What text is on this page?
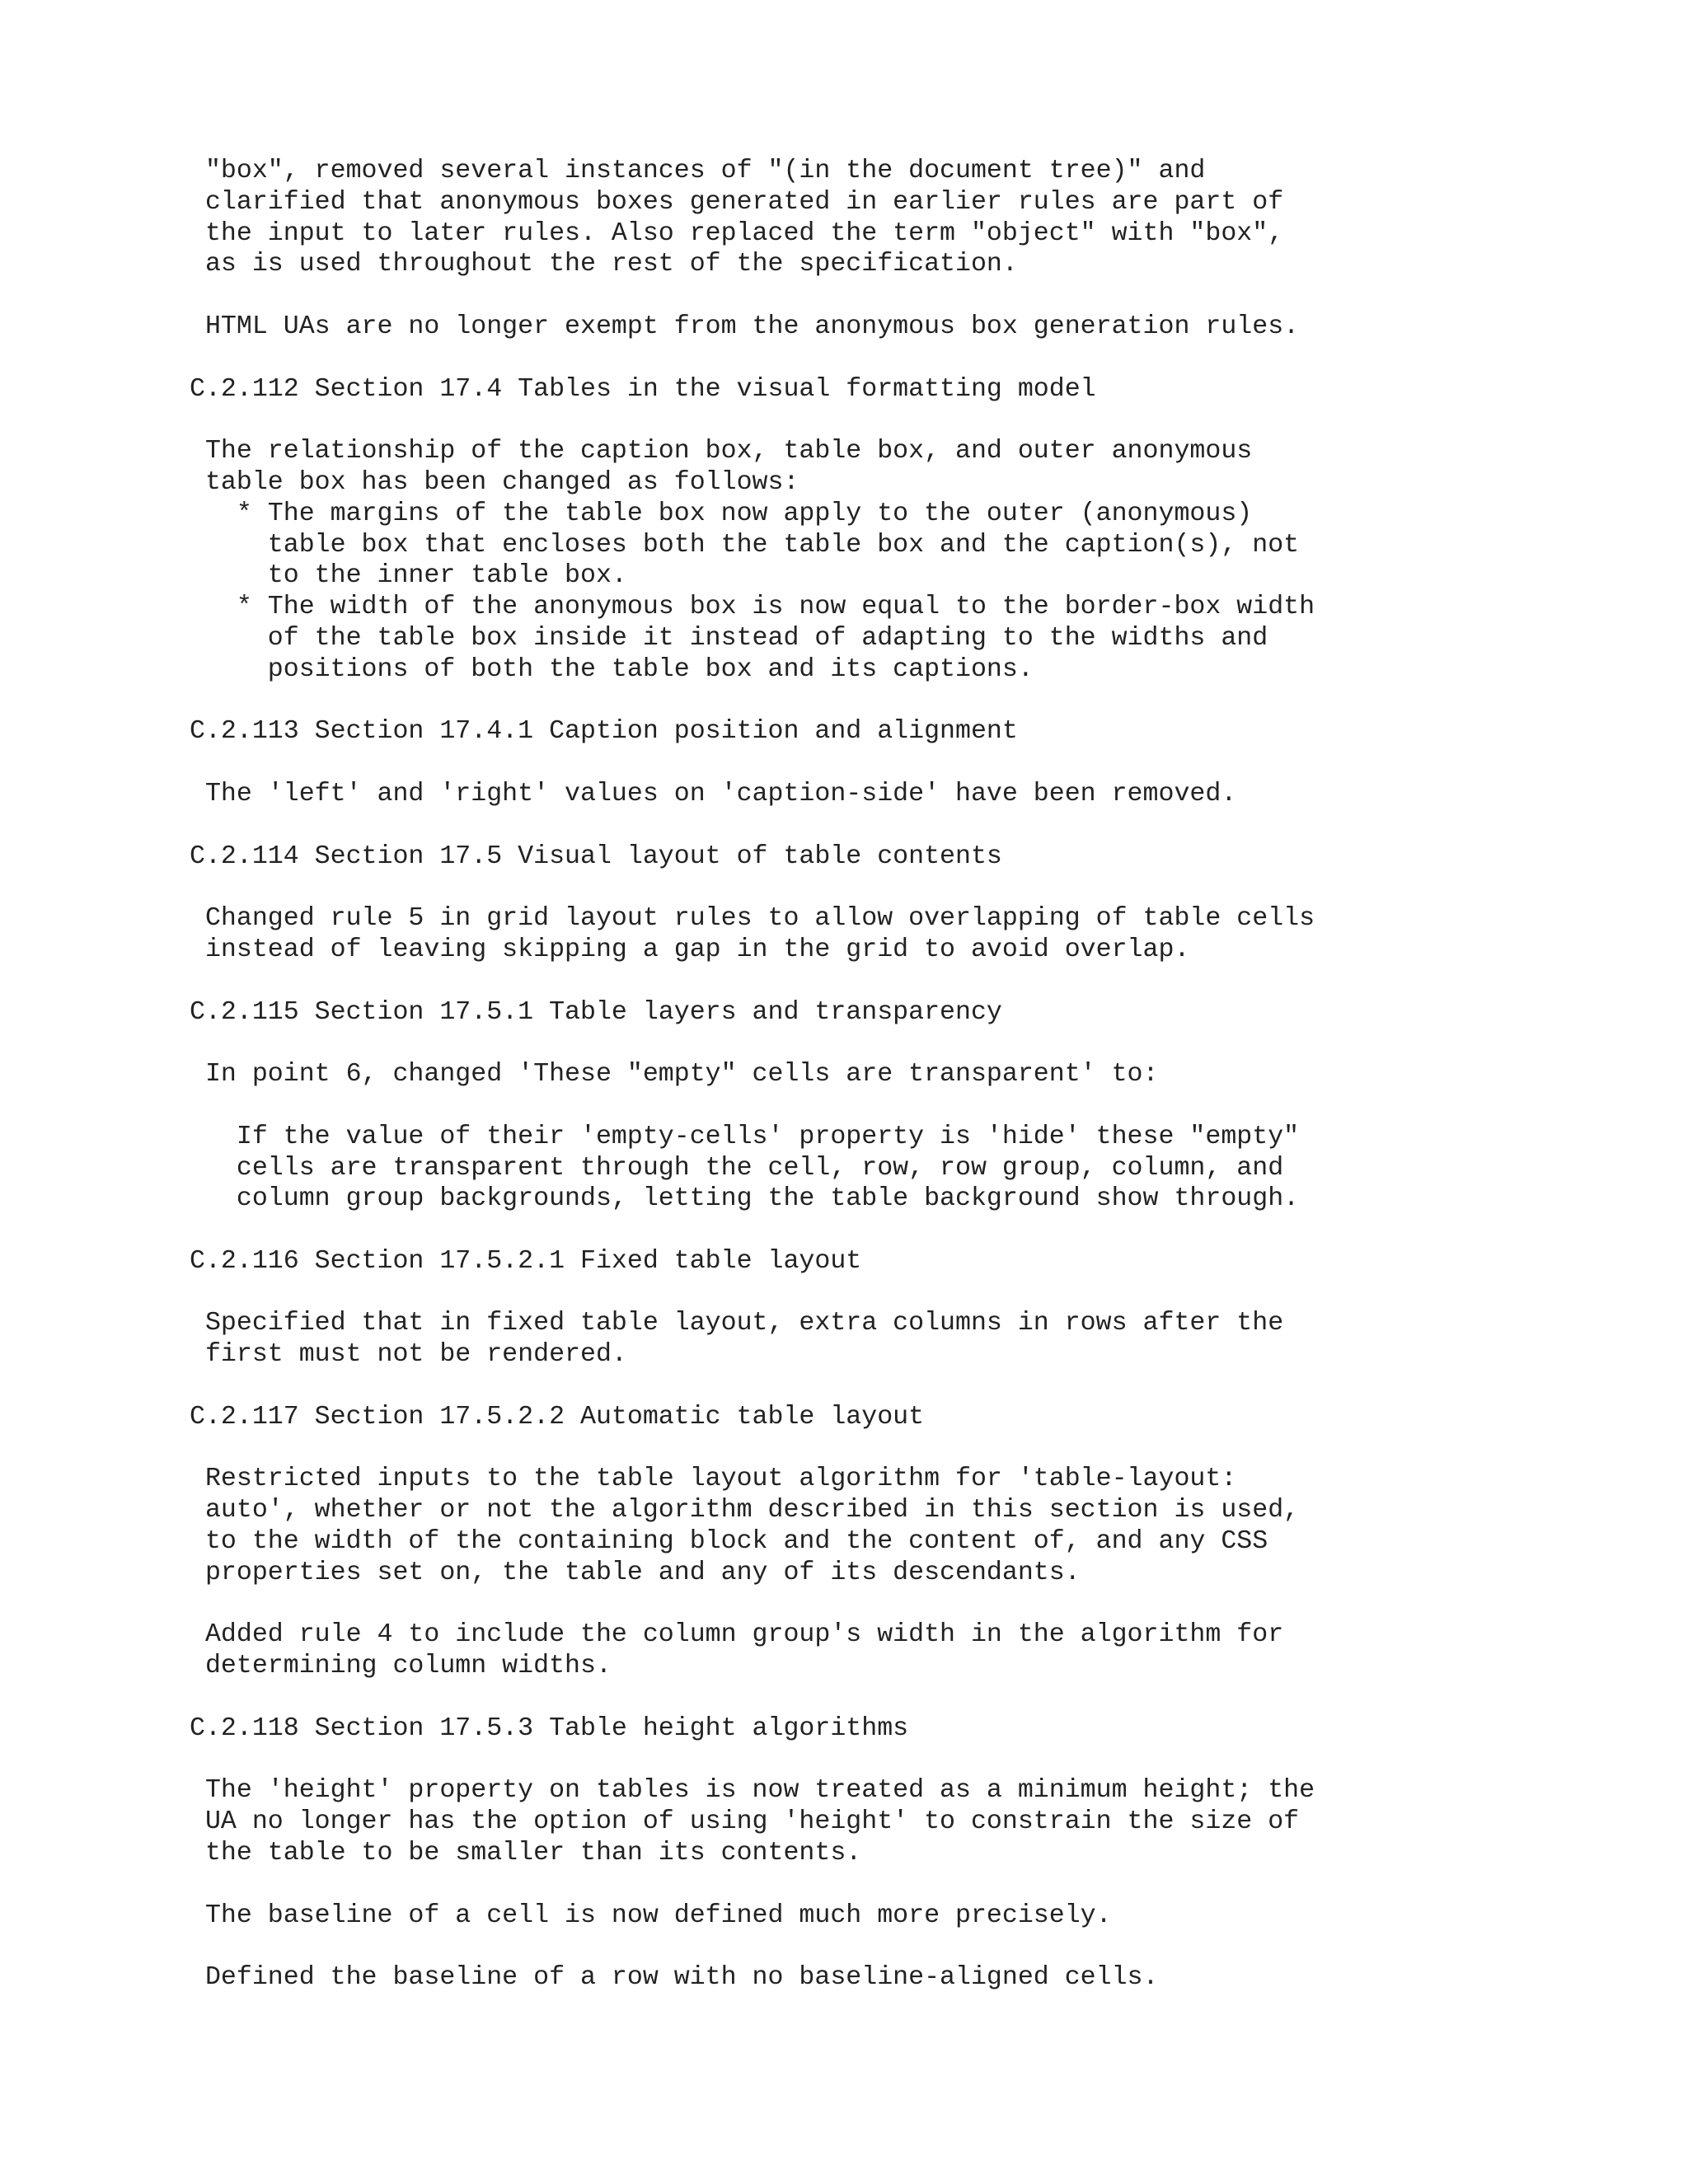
"box", removed several instances of "(in the document tree)" and
clarified that anonymous boxes generated in earlier rules are part of
the input to later rules. Also replaced the term "object" with "box",
as is used throughout the rest of the specification.
HTML UAs are no longer exempt from the anonymous box generation rules.
C.2.112 Section 17.4 Tables in the visual formatting model
The relationship of the caption box, table box, and outer anonymous
table box has been changed as follows:
* The margins of the table box now apply to the outer (anonymous)
table box that encloses both the table box and the caption(s), not
to the inner table box.
* The width of the anonymous box is now equal to the border-box width
of the table box inside it instead of adapting to the widths and
positions of both the table box and its captions.
C.2.113 Section 17.4.1 Caption position and alignment
The 'left' and 'right' values on 'caption-side' have been removed.
C.2.114 Section 17.5 Visual layout of table contents
Changed rule 5 in grid layout rules to allow overlapping of table cells
instead of leaving skipping a gap in the grid to avoid overlap.
C.2.115 Section 17.5.1 Table layers and transparency
In point 6, changed 'These "empty" cells are transparent' to:
If the value of their 'empty-cells' property is 'hide' these "empty"
cells are transparent through the cell, row, row group, column, and
column group backgrounds, letting the table background show through.
C.2.116 Section 17.5.2.1 Fixed table layout
Specified that in fixed table layout, extra columns in rows after the
first must not be rendered.
C.2.117 Section 17.5.2.2 Automatic table layout
Restricted inputs to the table layout algorithm for 'table-layout:
auto', whether or not the algorithm described in this section is used,
to the width of the containing block and the content of, and any CSS
properties set on, the table and any of its descendants.
Added rule 4 to include the column group's width in the algorithm for
determining column widths.
C.2.118 Section 17.5.3 Table height algorithms
The 'height' property on tables is now treated as a minimum height; the
UA no longer has the option of using 'height' to constrain the size of
the table to be smaller than its contents.
The baseline of a cell is now defined much more precisely.
Defined the baseline of a row with no baseline-aligned cells.
